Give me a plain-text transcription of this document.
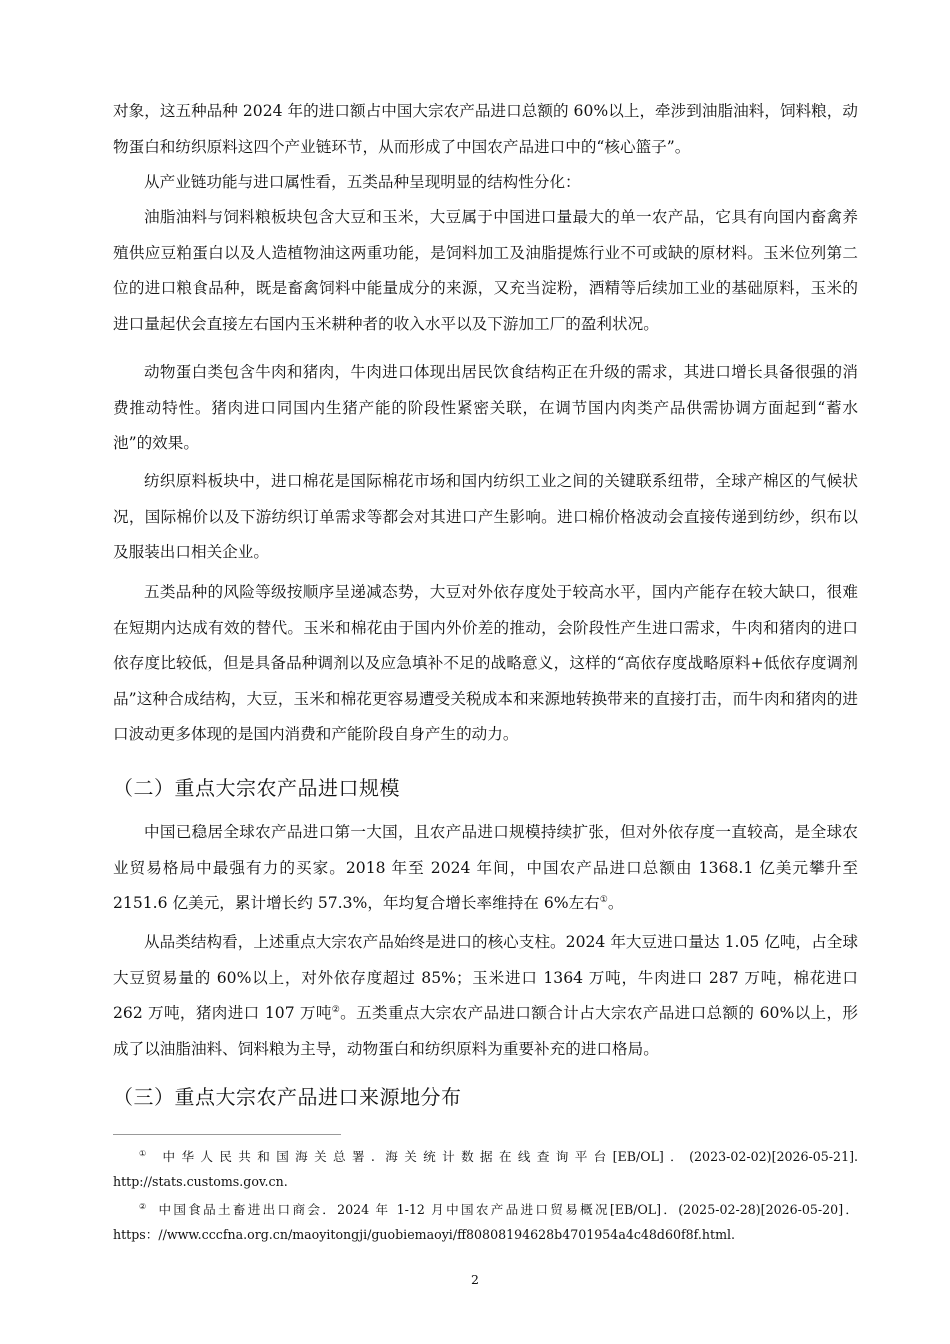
对象，这五种品种 2024 年的进口额占中国大宗农产品进口总额的 60%以上，牵涉到油脂油料，饲料粮，动物蛋白和纺织原料这四个产业链环节，从而形成了中国农产品进口中的“核心篮子”。

从产业链功能与进口属性看，五类品种呈现明显的结构性分化：

油脂油料与饲料粮板块包含大豆和玉米，大豆属于中国进口量最大的单一农产品，它具有向国内畜禽养殖供应豆粕蛋白以及人造植物油这两重功能，是饲料加工及油脂提炼行业不可或缺的原材料。玉米位列第二位的进口粮食品种，既是畜禽饲料中能量成分的来源，又充当淀粉，酒精等后续加工业的基础原料，玉米的进口量起伏会直接左右国内玉米耕种者的收入水平以及下游加工厂的盈利状况。

动物蛋白类包含牛肉和猪肉，牛肉进口体现出居民饮食结构正在升级的需求，其进口增长具备很强的消费推动特性。猪肉进口同国内生猪产能的阶段性紧密关联，在调节国内肉类产品供需协调方面起到“蓄水池”的效果。

纺织原料板块中，进口棉花是国际棉花市场和国内纺织工业之间的关键联系纽带，全球产棉区的气候状况，国际棉价以及下游纺织订单需求等都会对其进口产生影响。进口棉价格波动会直接传递到纺纱，织布以及服装出口相关企业。

五类品种的风险等级按顺序呈递减态势，大豆对外依存度处于较高水平，国内产能存在较大缺口，很难在短期内达成有效的替代。玉米和棉花由于国内外价差的推动，会阶段性产生进口需求，牛肉和猪肉的进口依存度比较低，但是具备品种调剂以及应急填补不足的战略意义，这样的“高依存度战略原料+低依存度调剂品”这种合成结构，大豆，玉米和棉花更容易遭受关税成本和来源地转换带来的直接打击，而牛肉和猪肉的进口波动更多体现的是国内消费和产能阶段自身产生的动力。

（二）重点大宗农产品进口规模

中国已稳居全球农产品进口第一大国，且农产品进口规模持续扩张，但对外依存度一直较高，是全球农业贸易格局中最强有力的买家。2018 年至 2024 年间，中国农产品进口总额由 1368.1 亿美元攀升至 2151.6 亿美元，累计增长约 57.3%，年均复合增长率维持在 6%左右①。

从品类结构看，上述重点大宗农产品始终是进口的核心支柱。2024 年大豆进口量达 1.05 亿吨，占全球大豆贸易量的 60%以上，对外依存度超过 85%；玉米进口 1364 万吨，牛肉进口 287 万吨，棉花进口 262 万吨，猪肉进口 107 万吨②。五类重点大宗农产品进口额合计占大宗农产品进口总额的 60%以上，形成了以油脂油料、饲料粮为主导，动物蛋白和纺织原料为重要补充的进口格局。

（三）重点大宗农产品进口来源地分布

① 中华人民共和国海关总署. 海关统计数据在线查询平台[EB/OL]．(2023-02-02)[2026-05-21]. http://stats.customs.gov.cn.

② 中国食品土畜进出口商会．2024 年 1-12 月中国农产品进口贸易概况[EB/OL]．(2025-02-28)[2026-05-20]．https：//www.cccfna.org.cn/maoyitongji/guobiemaoyi/ff80808194628b4701954a4c48d60f8f.html.

2
